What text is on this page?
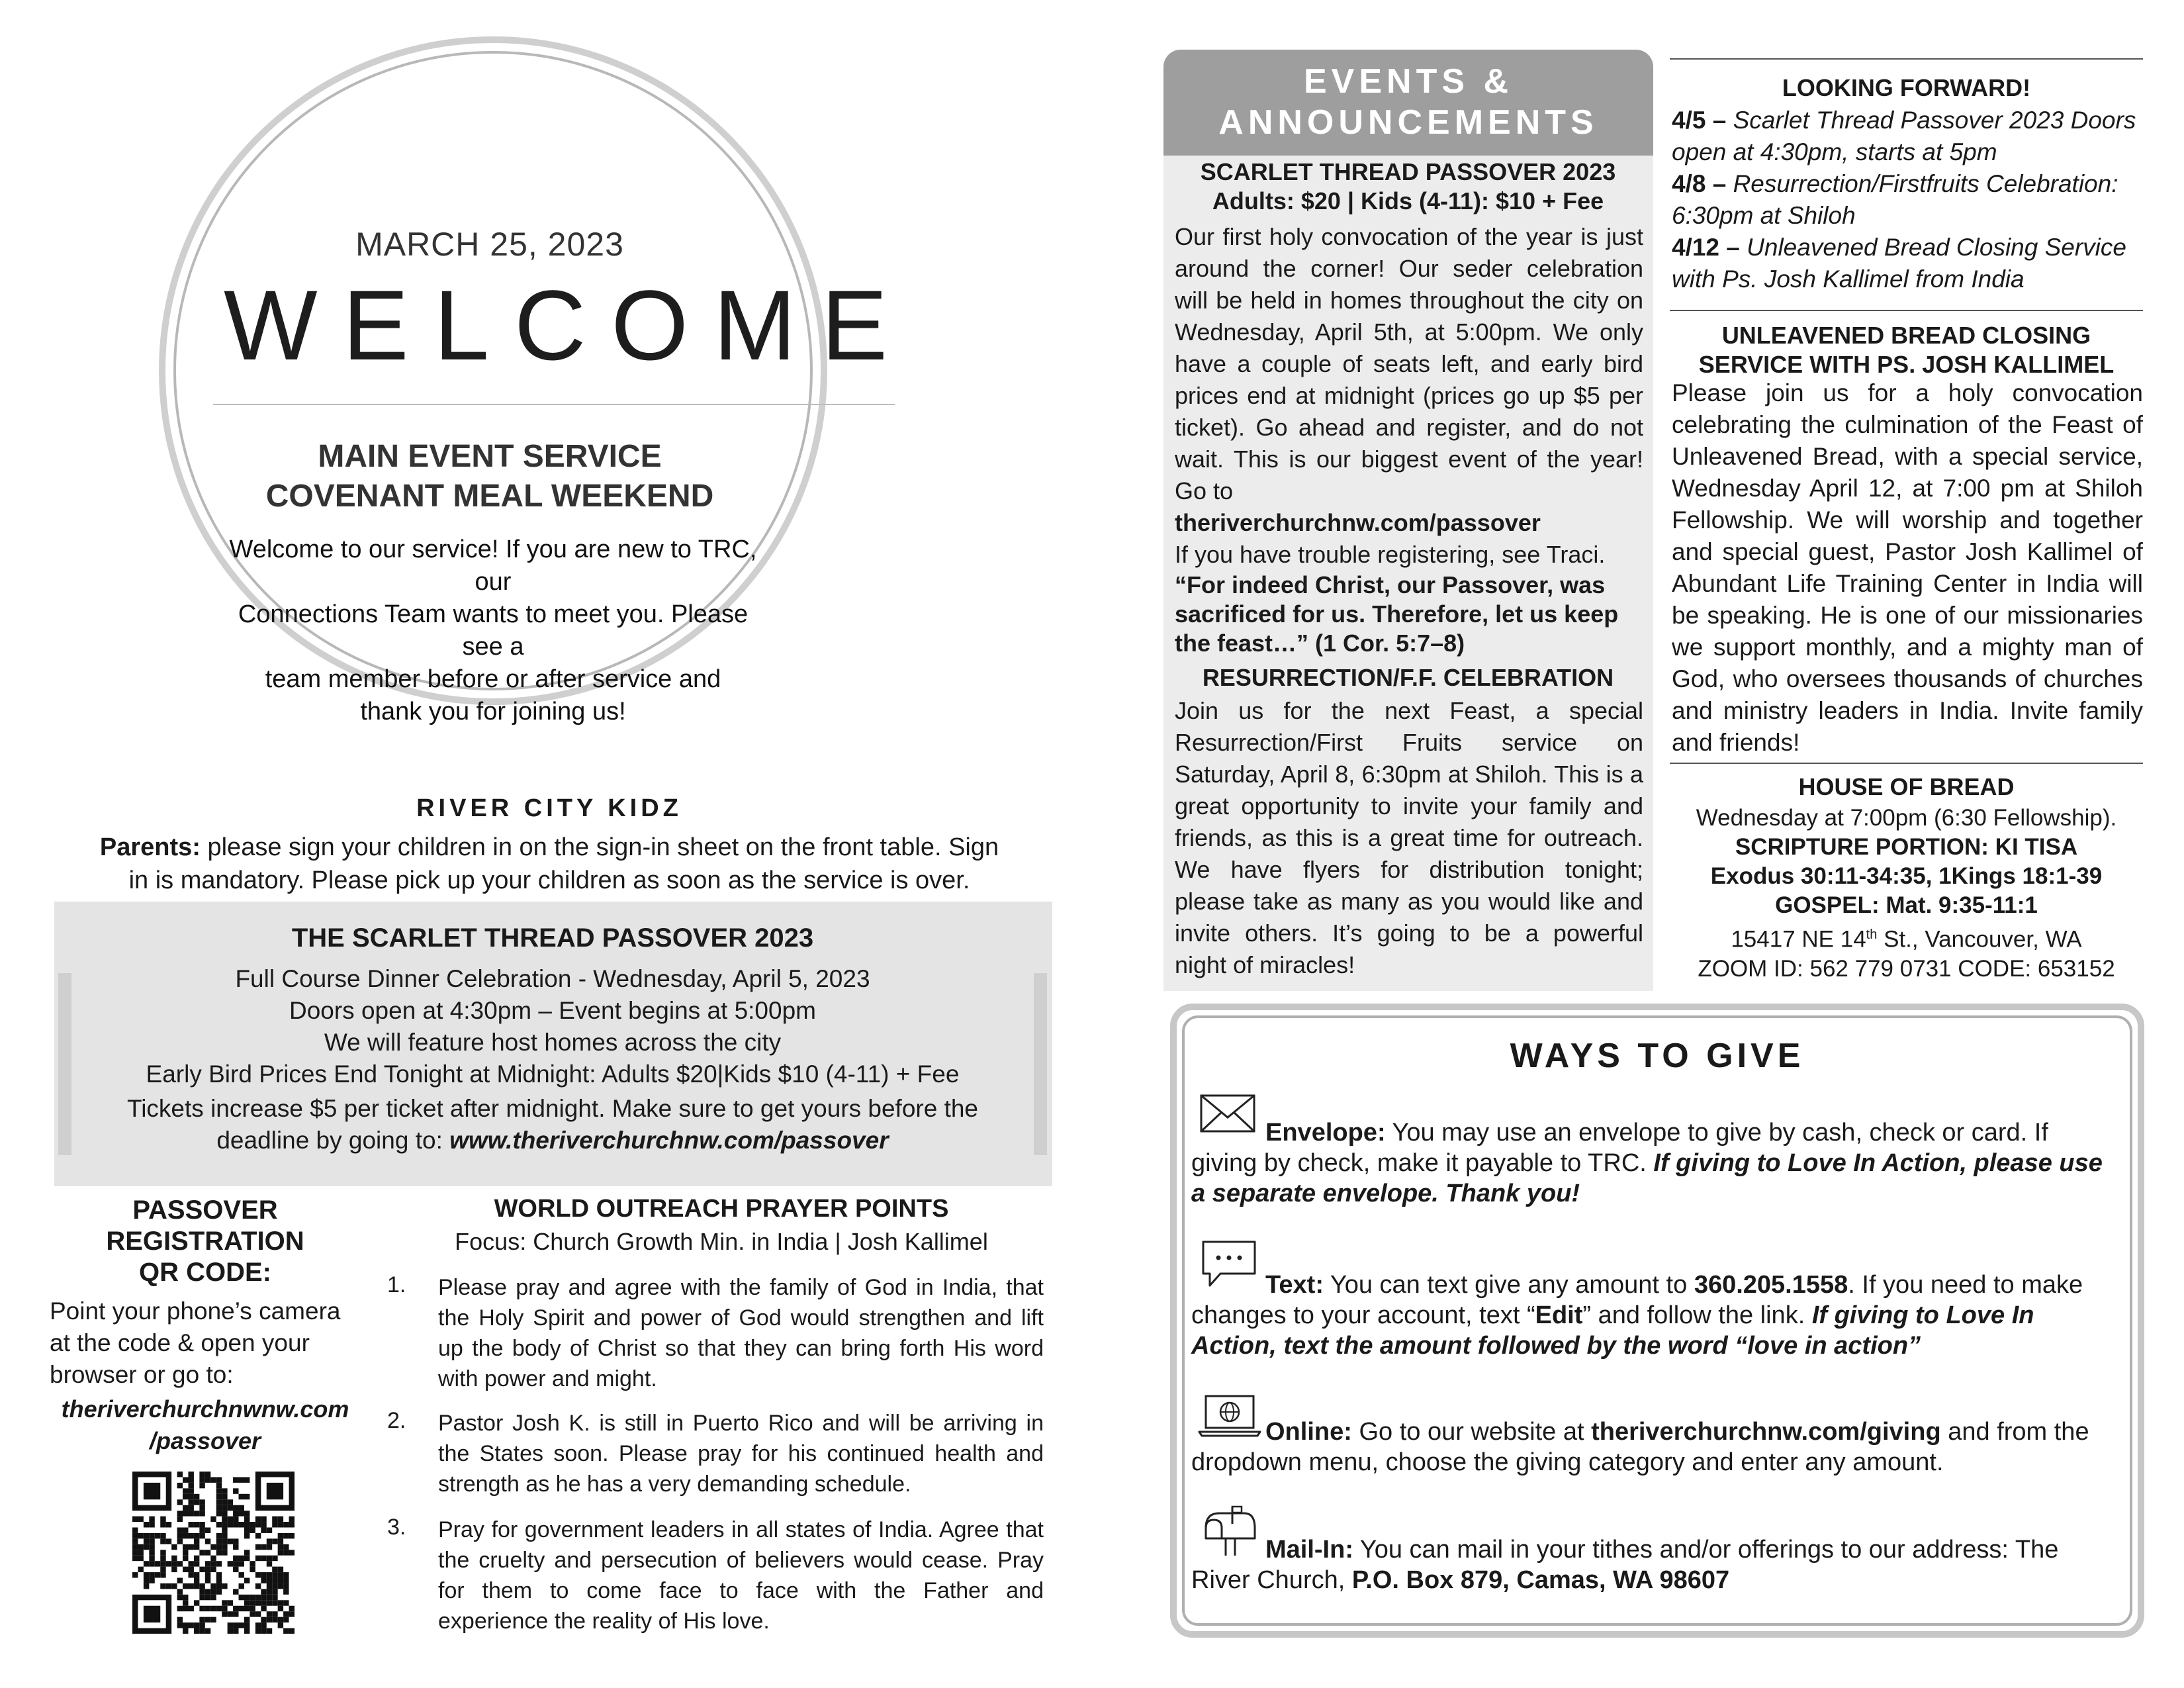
MARCH 25, 2023
WELCOME
MAIN EVENT SERVICE
COVENANT MEAL WEEKEND
Welcome to our service! If you are new to TRC, our
Connections Team wants to meet you. Please see a
team member before or after service and
thank you for joining us!
RIVER CITY KIDZ
Parents: please sign your children in on the sign-in sheet on the front table. Sign
in is mandatory. Please pick up your children as soon as the service is over.
THE SCARLET THREAD PASSOVER 2023
Full Course Dinner Celebration - Wednesday, April 5, 2023
Doors open at 4:30pm – Event begins at 5:00pm
We will feature host homes across the city
Early Bird Prices End Tonight at Midnight: Adults $20|Kids $10 (4-11) + Fee
Tickets increase $5 per ticket after midnight. Make sure to get yours before the
deadline by going to: www.theriverchurchnw.com/passover
PASSOVER
REGISTRATION
QR CODE:
Point your phone’s camera
at the code & open your
browser or go to:
theriverchurchnwnw.com
/passover
WORLD OUTREACH PRAYER POINTS
Focus: Church Growth Min. in India | Josh Kallimel
1.	Please pray and agree with the family of God in India, that the Holy Spirit and power of God would strengthen and lift up the body of Christ so that they can bring forth His word with power and might.
2.	Pastor Josh K. is still in Puerto Rico and will be arriving in the States soon. Please pray for his continued health and strength as he has a very demanding schedule.
3.	Pray for government leaders in all states of India. Agree that the cruelty and persecution of believers would cease. Pray for them to come face to face with the Father and experience the reality of His love.
EVENTS &
ANNOUNCEMENTS
SCARLET THREAD PASSOVER 2023
Adults: $20 | Kids (4-11): $10 + Fee
Our first holy convocation of the year is just around the corner! Our seder celebration will be held in homes throughout the city on Wednesday, April 5th, at 5:00pm. We only have a couple of seats left, and early bird prices end at midnight (prices go up $5 per ticket). Go ahead and register, and do not wait. This is our biggest event of the year! Go to
theriverchurchnw.com/passover
If you have trouble registering, see Traci.
“For indeed Christ, our Passover, was sacrificed for us. Therefore, let us keep the feast…” (1 Cor. 5:7–8)
RESURRECTION/F.F. CELEBRATION
Join us for the next Feast, a special Resurrection/First Fruits service on Saturday, April 8, 6:30pm at Shiloh. This is a great opportunity to invite your family and friends, as this is a great time for outreach. We have flyers for distribution tonight; please take as many as you would like and invite others. It’s going to be a powerful night of miracles!
LOOKING FORWARD!
4/5 – Scarlet Thread Passover 2023 Doors open at 4:30pm, starts at 5pm
4/8 – Resurrection/Firstfruits Celebration: 6:30pm at Shiloh
4/12 – Unleavened Bread Closing Service with Ps. Josh Kallimel from India
UNLEAVENED BREAD CLOSING
SERVICE WITH PS. JOSH KALLIMEL
Please join us for a holy convocation celebrating the culmination of the Feast of Unleavened Bread, with a special service, Wednesday April 12, at 7:00 pm at Shiloh Fellowship. We will worship and together and special guest, Pastor Josh Kallimel of Abundant Life Training Center in India will be speaking. He is one of our missionaries we support monthly, and a mighty man of God, who oversees thousands of churches and ministry leaders in India. Invite family and friends!
HOUSE OF BREAD
Wednesday at 7:00pm (6:30 Fellowship).
SCRIPTURE PORTION: KI TISA
Exodus 30:11-34:35, 1Kings 18:1-39
GOSPEL: Mat. 9:35-11:1
15417 NE 14th St., Vancouver, WA
ZOOM ID: 562 779 0731 CODE: 653152
WAYS TO GIVE
Envelope: You may use an envelope to give by cash, check or card. If giving by check, make it payable to TRC. If giving to Love In Action, please use a separate envelope. Thank you!
Text: You can text give any amount to 360.205.1558. If you need to make changes to your account, text “Edit” and follow the link. If giving to Love In Action, text the amount followed by the word “love in action”
Online: Go to our website at theriverchurchnw.com/giving and from the dropdown menu, choose the giving category and enter any amount.
Mail-In: You can mail in your tithes and/or offerings to our address: The River Church, P.O. Box 879, Camas, WA 98607
